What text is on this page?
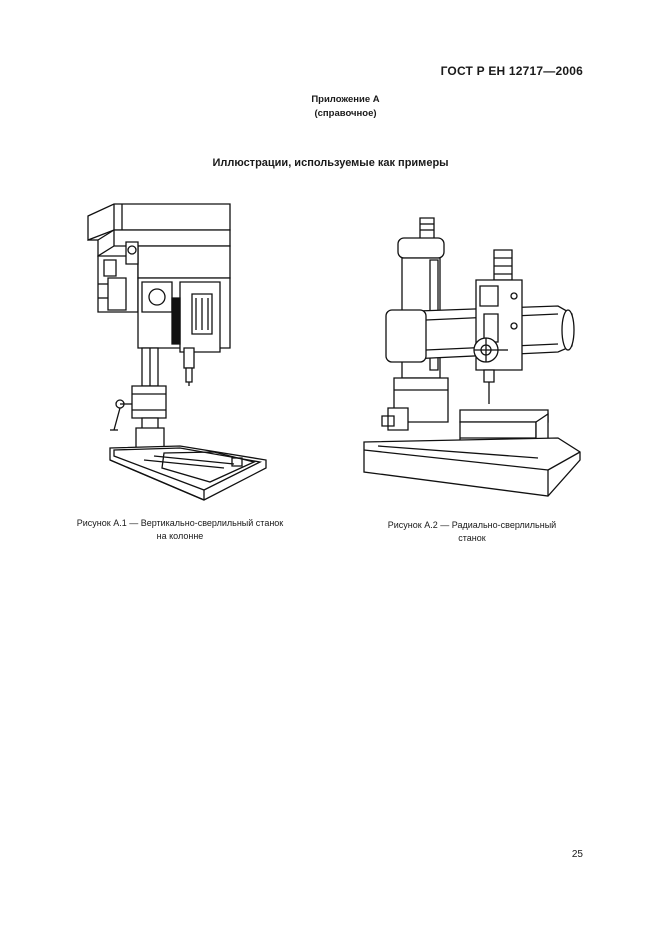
ГОСТ Р ЕН 12717—2006
Приложение А
(справочное)
Иллюстрации, используемые как примеры
Рисунок А.1 — Вертикально-сверлильный станок
на колонне
Рисунок А.2 — Радиально-сверлильный
станок
25
